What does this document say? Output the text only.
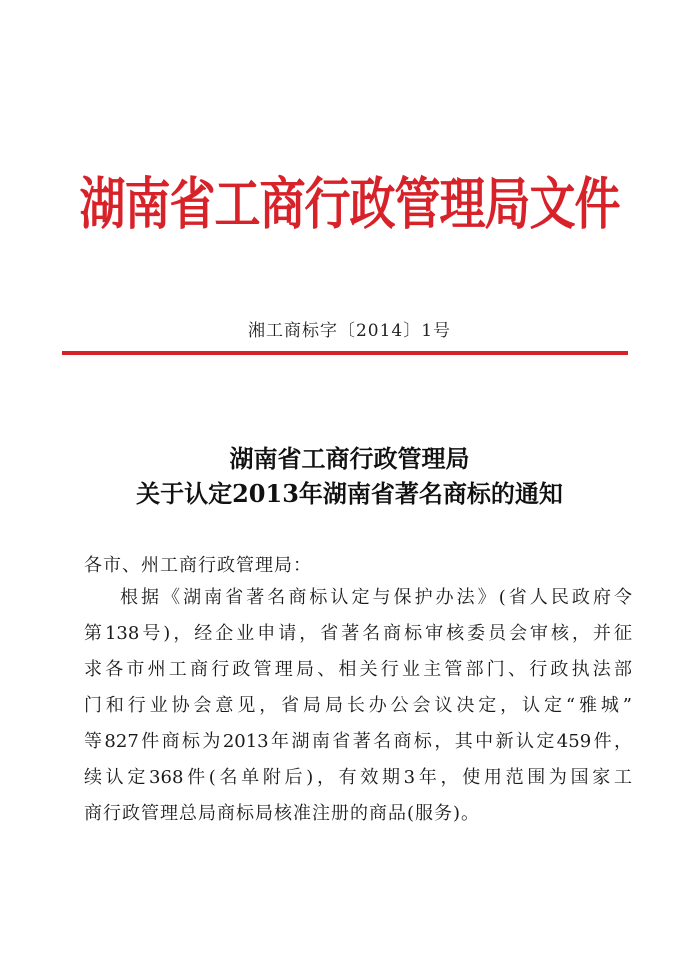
湖南省工商行政管理局文件
湘工商标字〔2014〕1号
湖南省工商行政管理局
关于认定2013年湖南省著名商标的通知
各市、州工商行政管理局：
根据《湖南省著名商标认定与保护办法》(省人民政府令
第138号)，经企业申请，省著名商标审核委员会审核，并征
求各市州工商行政管理局、相关行业主管部门、行政执法部
门和行业协会意见，省局局长办公会议决定，认定“雅城”
等827件商标为2013年湖南省著名商标，其中新认定459件，
续认定368件(名单附后)，有效期3年，使用范围为国家工
商行政管理总局商标局核准注册的商品(服务)。
